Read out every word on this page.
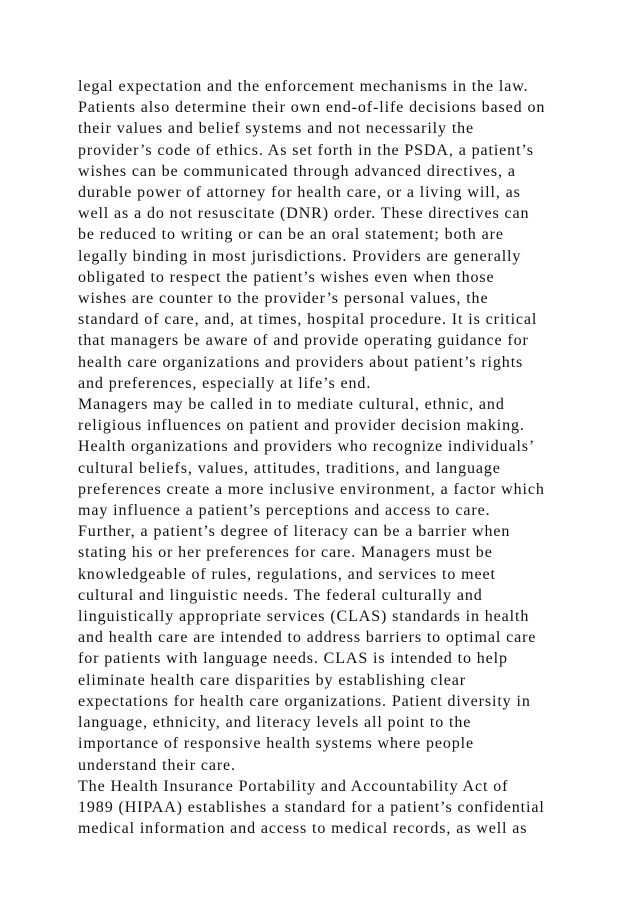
legal expectation and the enforcement mechanisms in the law.
Patients also determine their own end-of-life decisions based on
their values and belief systems and not necessarily the
provider’s code of ethics. As set forth in the PSDA, a patient’s
wishes can be communicated through advanced directives, a
durable power of attorney for health care, or a living will, as
well as a do not resuscitate (DNR) order. These directives can
be reduced to writing or can be an oral statement; both are
legally binding in most jurisdictions. Providers are generally
obligated to respect the patient’s wishes even when those
wishes are counter to the provider’s personal values, the
standard of care, and, at times, hospital procedure. It is critical
that managers be aware of and provide operating guidance for
health care organizations and providers about patient’s rights
and preferences, especially at life’s end.
Managers may be called in to mediate cultural, ethnic, and
religious influences on patient and provider decision making.
Health organizations and providers who recognize individuals’
cultural beliefs, values, attitudes, traditions, and language
preferences create a more inclusive environment, a factor which
may influence a patient’s perceptions and access to care.
Further, a patient’s degree of literacy can be a barrier when
stating his or her preferences for care. Managers must be
knowledgeable of rules, regulations, and services to meet
cultural and linguistic needs. The federal culturally and
linguistically appropriate services (CLAS) standards in health
and health care are intended to address barriers to optimal care
for patients with language needs. CLAS is intended to help
eliminate health care disparities by establishing clear
expectations for health care organizations. Patient diversity in
language, ethnicity, and literacy levels all point to the
importance of responsive health systems where people
understand their care.
The Health Insurance Portability and Accountability Act of
1989 (HIPAA) establishes a standard for a patient’s confidential
medical information and access to medical records, as well as
